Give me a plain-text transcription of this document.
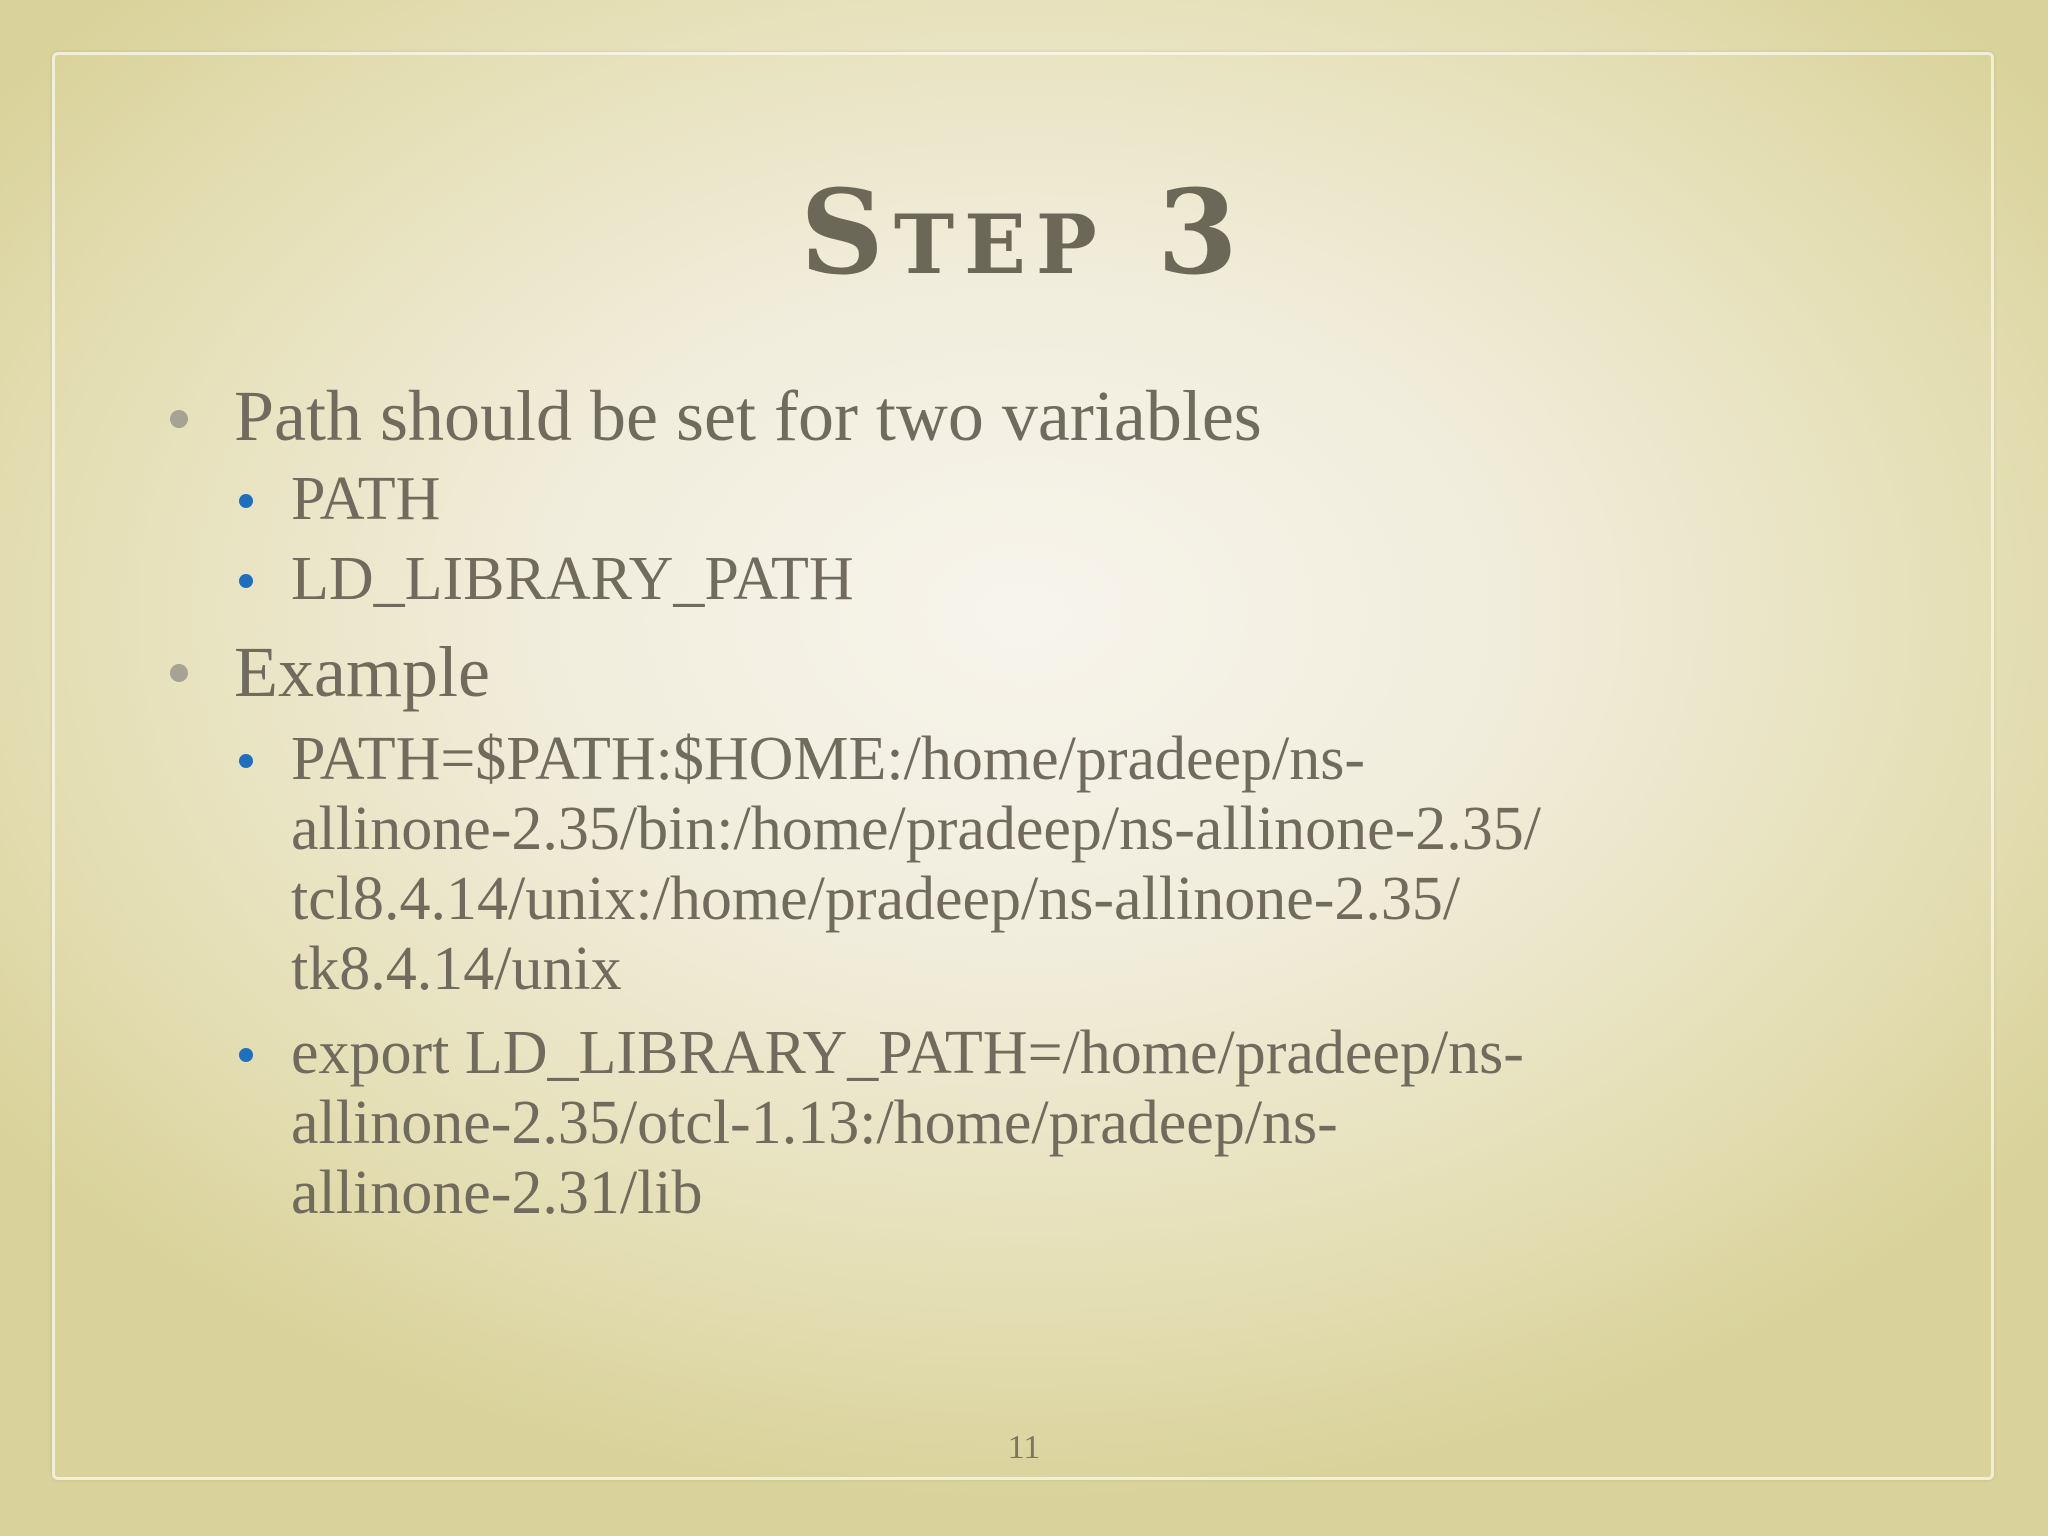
Step 3
Path should be set for two variables
PATH
LD_LIBRARY_PATH
Example
PATH=$PATH:$HOME:/home/pradeep/ns-
allinone-2.35/bin:/home/pradeep/ns-allinone-2.35/
tcl8.4.14/unix:/home/pradeep/ns-allinone-2.35/
tk8.4.14/unix
export LD_LIBRARY_PATH=/home/pradeep/ns-
allinone-2.35/otcl-1.13:/home/pradeep/ns-
allinone-2.31/lib
11
